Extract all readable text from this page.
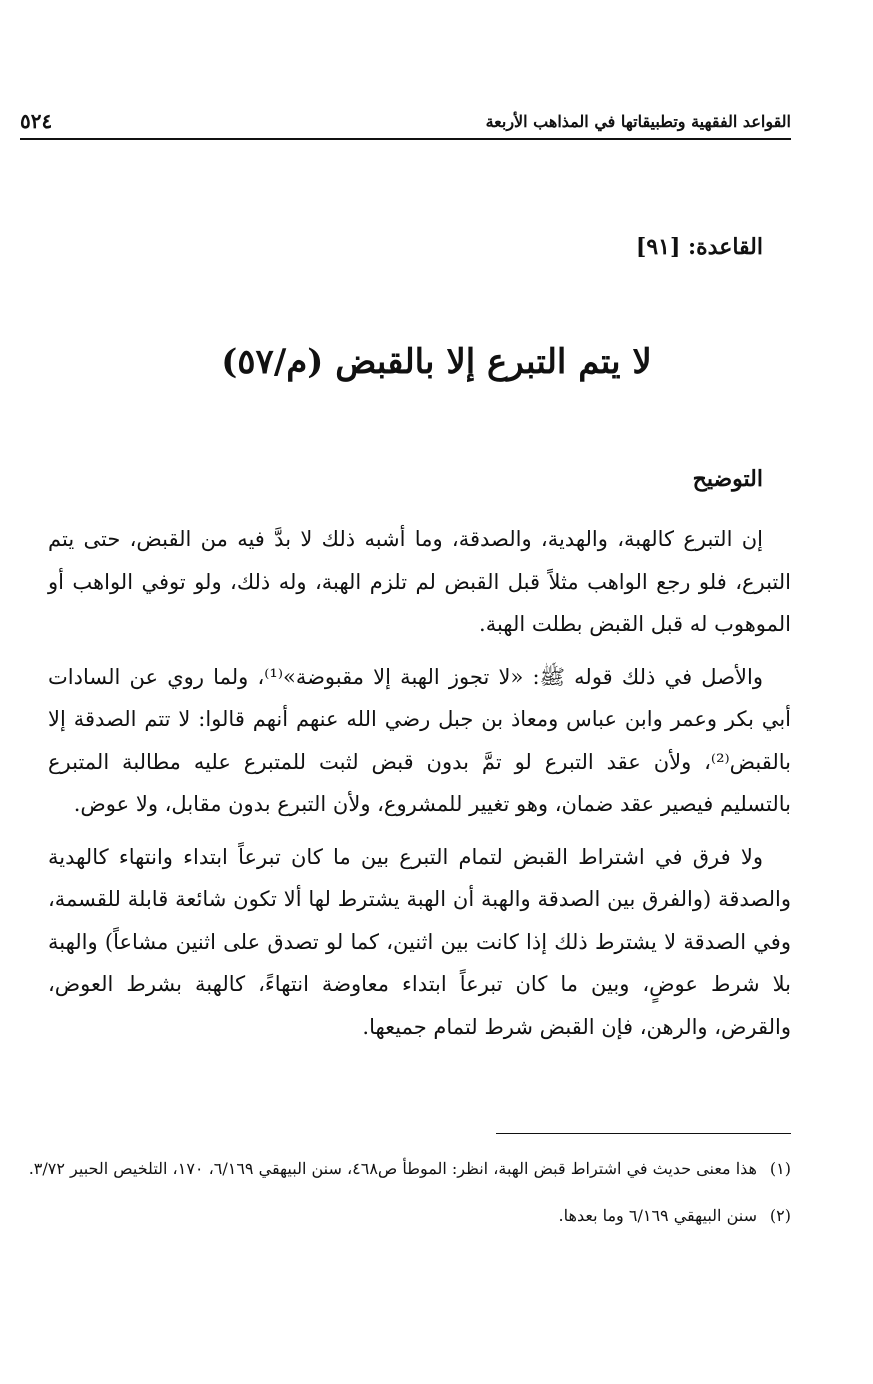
القواعد الفقهية وتطبيقاتها في المذاهب الأربعة
٥٢٤
القاعدة: [٩١]
لا يتم التبرع إلا بالقبض (م/٥٧)
التوضيح

إن التبرع كالهبة، والهدية، والصدقة، وما أشبه ذلك لا بدَّ فيه من القبض، حتى يتم التبرع، فلو رجع الواهب مثلاً قبل القبض لم تلزم الهبة، وله ذلك، ولو توفي الواهب أو الموهوب له قبل القبض بطلت الهبة.

والأصل في ذلك قوله ﷺ: «لا تجوز الهبة إلا مقبوضة»⁽¹⁾، ولما روي عن السادات أبي بكر وعمر وابن عباس ومعاذ بن جبل رضي الله عنهم أنهم قالوا: لا تتم الصدقة إلا بالقبض⁽²⁾، ولأن عقد التبرع لو تمَّ بدون قبض لثبت للمتبرع عليه مطالبة المتبرع بالتسليم فيصير عقد ضمان، وهو تغيير للمشروع، ولأن التبرع بدون مقابل، ولا عوض.

ولا فرق في اشتراط القبض لتمام التبرع بين ما كان تبرعاً ابتداء وانتهاء كالهدية والصدقة (والفرق بين الصدقة والهبة أن الهبة يشترط لها ألا تكون شائعة قابلة للقسمة، وفي الصدقة لا يشترط ذلك إذا كانت بين اثنين، كما لو تصدق على اثنين مشاعاً) والهبة بلا شرط عوضٍ، وبين ما كان تبرعاً ابتداء معاوضة انتهاءً، كالهبة بشرط العوض، والقرض، والرهن، فإن القبض شرط لتمام جميعها.

(١)
هذا معنى حديث في اشتراط قبض الهبة، انظر: الموطأ ص٤٦٨، سنن البيهقي ٦/١٦٩، ١٧٠، التلخيص الحبير ٣/٧٢.
(٢)
سنن البيهقي ٦/١٦٩ وما بعدها.
